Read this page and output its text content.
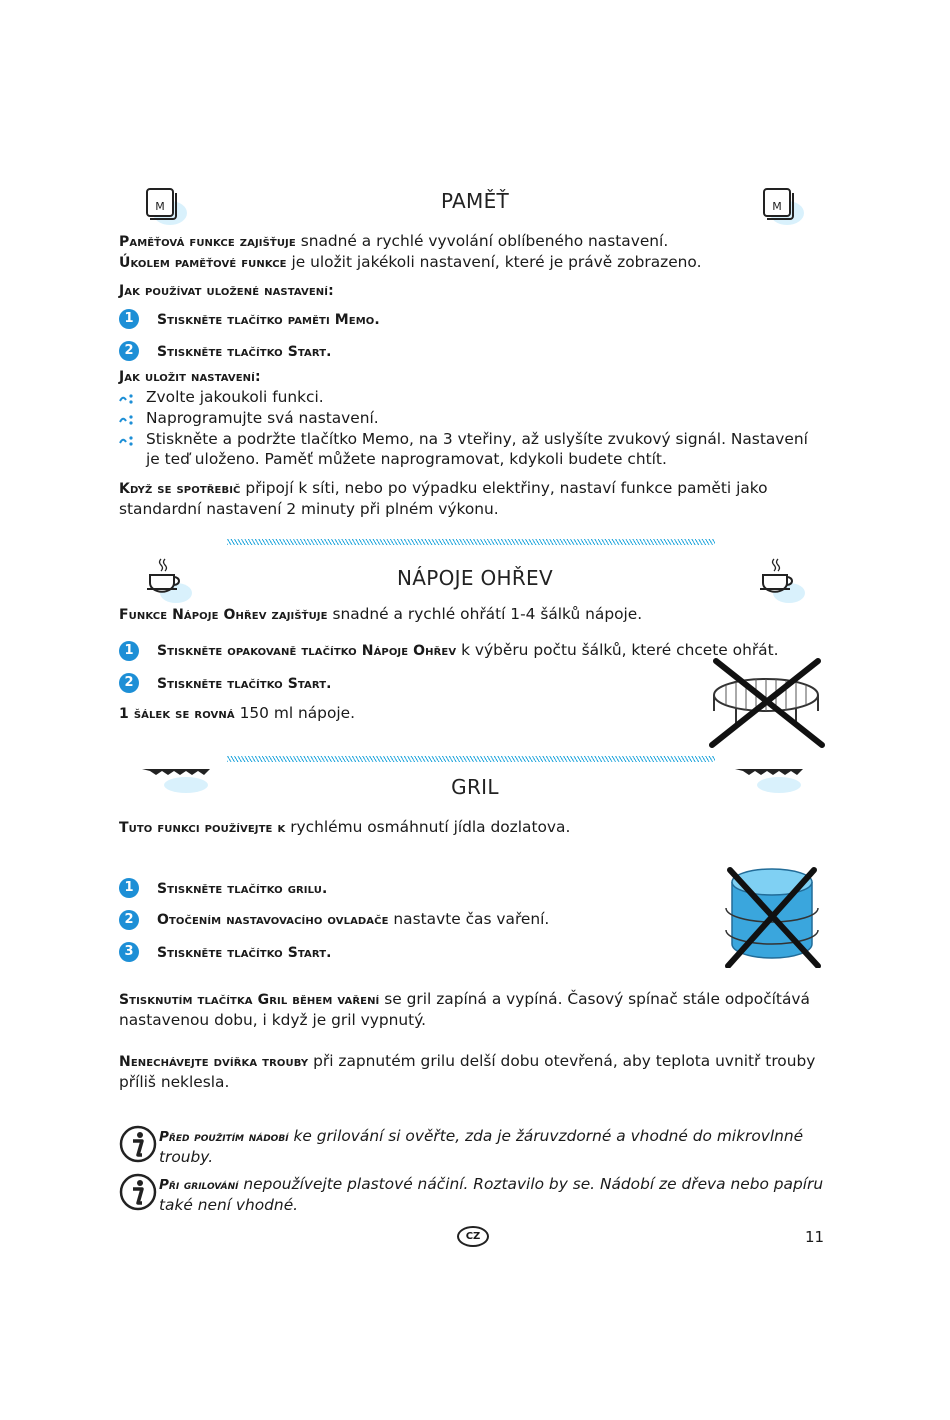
M	M
PAMĚŤ
Paměťová funkce zajišťuje snadné a rychlé vyvolání oblíbeného nastavení.
Úkolem paměťové funkce je uložit jakékoli nastavení, které je právě zobrazeno.
Jak používat uložené nastavení:
1	Stiskněte tlačítko paměti Memo.
2	Stiskněte tlačítko Start.
Jak uložit nastavení:
Zvolte jakoukoli funkci.
Naprogramujte svá nastavení.
Stiskněte a podržte tlačítko Memo, na 3 vteřiny, až uslyšíte zvukový signál. Nastavení je teď uloženo. Paměť můžete naprogramovat, kdykoli budete chtít.
Když se spotřebič připojí k síti, nebo po výpadku elektřiny, nastaví funkce paměti jako standardní nastavení 2 minuty při plném výkonu.
NÁPOJE OHŘEV
Funkce Nápoje Ohřev zajišťuje snadné a rychlé ohřátí 1-4 šálků nápoje.
1	Stiskněte opakovaně tlačítko Nápoje Ohřev k výběru počtu šálků, které chcete ohřát.
2	Stiskněte tlačítko Start.
1 šálek se rovná 150 ml nápoje.
GRIL
Tuto funkci používejte k rychlému osmáhnutí jídla dozlatova.
1	Stiskněte tlačítko grilu.
2	Otočením nastavovacího ovladače nastavte čas vaření.
3	Stiskněte tlačítko Start.
Stisknutím tlačítka Gril během vaření se gril zapíná a vypíná. Časový spínač stále odpočítává nastavenou dobu, i když je gril vypnutý.
Nenechávejte dvířka trouby při zapnutém grilu delší dobu otevřená, aby teplota uvnitř trouby příliš neklesla.
Před použitím nádobí ke grilování si ověřte, zda je žáruvzdorné a vhodné do mikrovlnné trouby.
Při grilování nepoužívejte plastové náčiní. Roztavilo by se. Nádobí ze dřeva nebo papíru také není vhodné.
CZ	11
